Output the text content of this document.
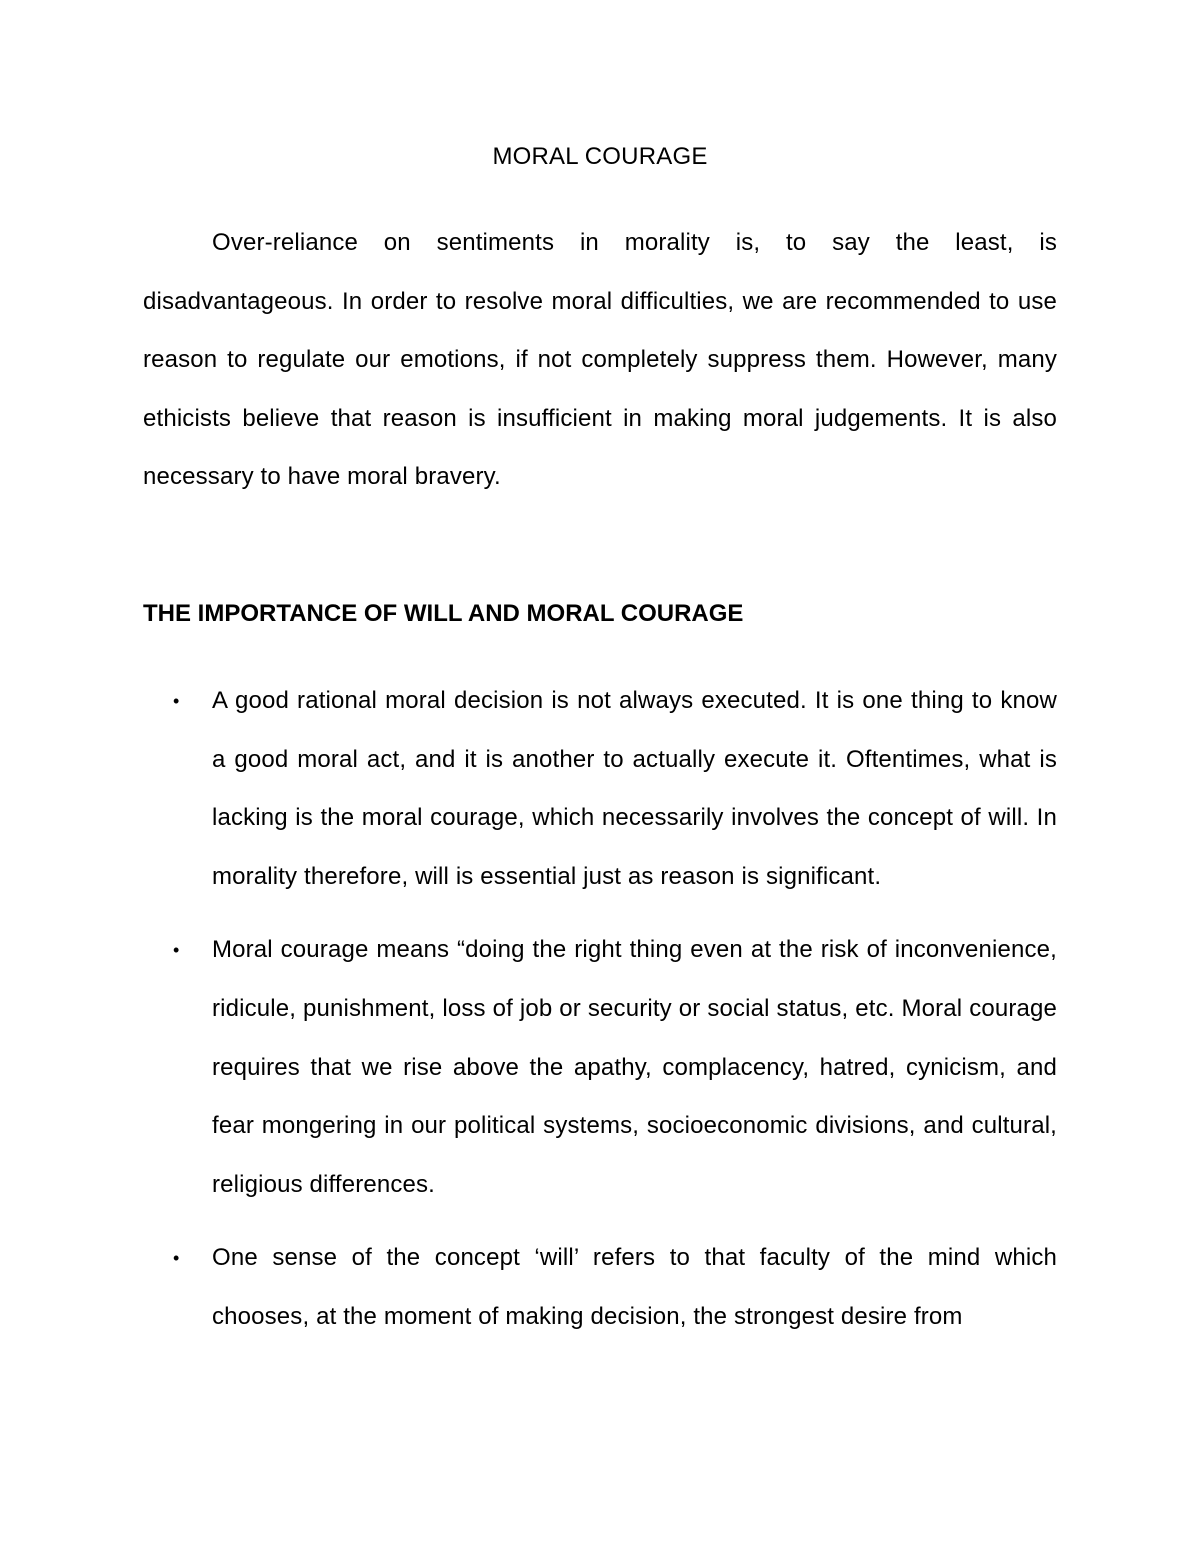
MORAL COURAGE

Over-reliance on sentiments in morality is, to say the least, is disadvantageous. In order to resolve moral difficulties, we are recommended to use reason to regulate our emotions, if not completely suppress them. However, many ethicists believe that reason is insufficient in making moral judgements. It is also necessary to have moral bravery.

THE IMPORTANCE OF WILL AND MORAL COURAGE
• A good rational moral decision is not always executed. It is one thing to know a good moral act, and it is another to actually execute it. Oftentimes, what is lacking is the moral courage, which necessarily involves the concept of will. In morality therefore, will is essential just as reason is significant.
• Moral courage means “doing the right thing even at the risk of inconvenience, ridicule, punishment, loss of job or security or social status, etc. Moral courage requires that we rise above the apathy, complacency, hatred, cynicism, and fear mongering in our political systems, socioeconomic divisions, and cultural, religious differences.
• One sense of the concept ‘will’ refers to that faculty of the mind which chooses, at the moment of making decision, the strongest desire from
